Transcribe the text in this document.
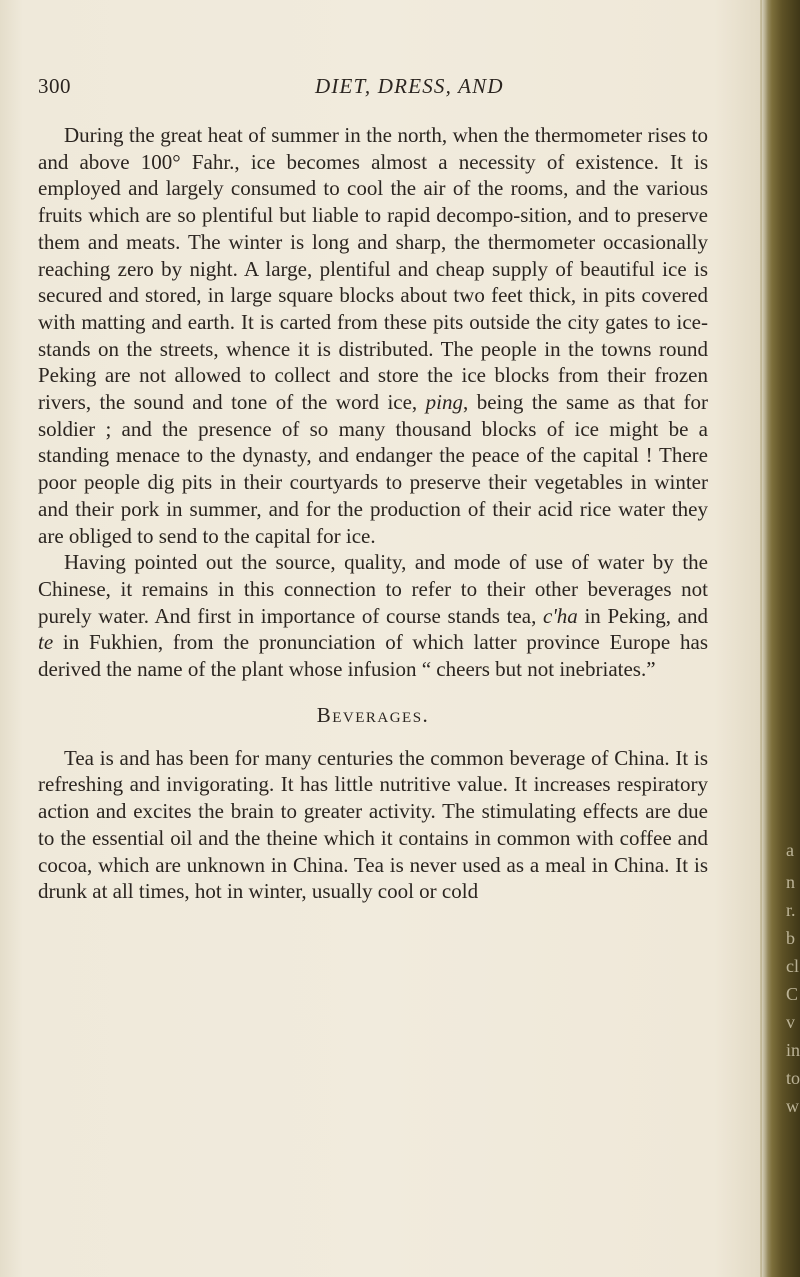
300	DIET, DRESS, AND

During the great heat of summer in the north, when the thermometer rises to and above 100° Fahr., ice becomes almost a necessity of existence. It is employed and largely consumed to cool the air of the rooms, and the various fruits which are so plentiful but liable to rapid decompo-sition, and to preserve them and meats. The winter is long and sharp, the thermometer occasionally reaching zero by night. A large, plentiful and cheap supply of beautiful ice is secured and stored, in large square blocks about two feet thick, in pits covered with matting and earth. It is carted from these pits outside the city gates to ice-stands on the streets, whence it is distributed. The people in the towns round Peking are not allowed to collect and store the ice blocks from their frozen rivers, the sound and tone of the word ice, ping, being the same as that for soldier ; and the presence of so many thousand blocks of ice might be a standing menace to the dynasty, and endanger the peace of the capital ! There poor people dig pits in their courtyards to preserve their vegetables in winter and their pork in summer, and for the production of their acid rice water they are obliged to send to the capital for ice.

Having pointed out the source, quality, and mode of use of water by the Chinese, it remains in this connection to refer to their other beverages not purely water. And first in importance of course stands tea, c'ha in Peking, and te in Fukhien, from the pronunciation of which latter province Europe has derived the name of the plant whose infusion “ cheers but not inebriates.”

Beverages.

Tea is and has been for many centuries the common beverage of China. It is refreshing and invigorating. It has little nutritive value. It increases respiratory action and excites the brain to greater activity. The stimulating effects are due to the essential oil and the theine which it contains in common with coffee and cocoa, which are unknown in China. Tea is never used as a meal in China. It is drunk at all times, hot in winter, usually cool or cold

a
n
r.
b
cl
C
v
in
to
w
